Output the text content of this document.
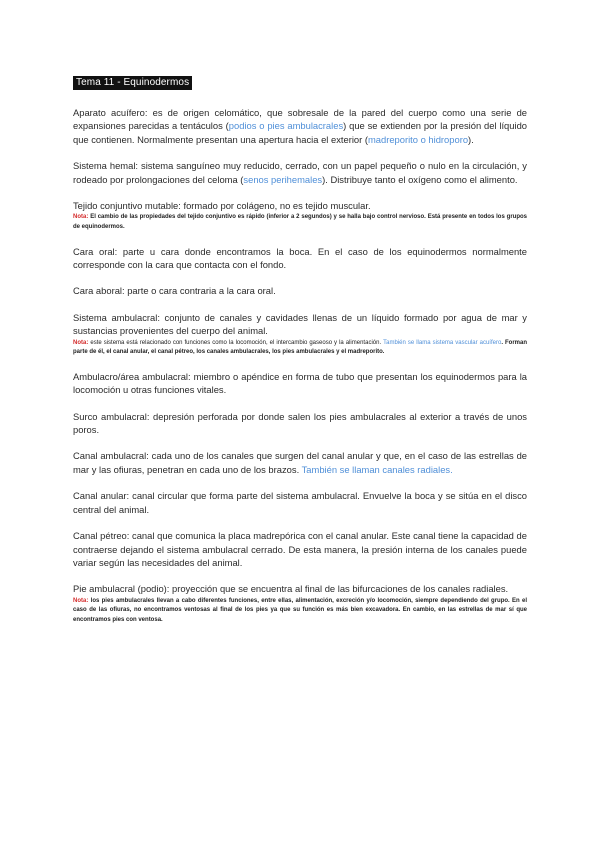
Tema 11 - Equinodermos

Aparato acuífero: es de origen celomático, que sobresale de la pared del cuerpo como una serie de expansiones parecidas a tentáculos (podios o pies ambulacrales) que se extienden por la presión del líquido que contienen. Normalmente presentan una apertura hacia el exterior (madreporito o hidroporo).

Sistema hemal: sistema sanguíneo muy reducido, cerrado, con un papel pequeño o nulo en la circulación, y rodeado por prolongaciones del celoma (senos perihemales). Distribuye tanto el oxígeno como el alimento.

Tejido conjuntivo mutable: formado por colágeno, no es tejido muscular.

Nota: El cambio de las propiedades del tejido conjuntivo es rápido (inferior a 2 segundos) y se halla bajo control nervioso. Está presente en todos los grupos de equinodermos.

Cara oral: parte u cara donde encontramos la boca. En el caso de los equinodermos normalmente corresponde con la cara que contacta con el fondo.

Cara aboral: parte o cara contraria a la cara oral.

Sistema ambulacral: conjunto de canales y cavidades llenas de un líquido formado por agua de mar y sustancias provenientes del cuerpo del animal.

Nota: este sistema está relacionado con funciones como la locomoción, el intercambio gaseoso y la alimentación. También se llama sistema vascular acuífero. Forman parte de él, el canal anular, el canal pétreo, los canales ambulacrales, los pies ambulacrales y el madreporito.

Ambulacro/área ambulacral: miembro o apéndice en forma de tubo que presentan los equinodermos para la locomoción u otras funciones vitales.

Surco ambulacral: depresión perforada por donde salen los pies ambulacrales al exterior a través de unos poros.

Canal ambulacral: cada uno de los canales que surgen del canal anular y que, en el caso de las estrellas de mar y las ofiuras, penetran en cada uno de los brazos. También se llaman canales radiales.

Canal anular: canal circular que forma parte del sistema ambulacral. Envuelve la boca y se sitúa en el disco central del animal.

Canal pétreo: canal que comunica la placa madrepórica con el canal anular. Este canal tiene la capacidad de contraerse dejando el sistema ambulacral cerrado. De esta manera, la presión interna de los canales puede variar según las necesidades del animal.

Pie ambulacral (podio): proyección que se encuentra al final de las bifurcaciones de los canales radiales.

Nota: los pies ambulacrales llevan a cabo diferentes funciones, entre ellas, alimentación, excreción y/o locomoción, siempre dependiendo del grupo. En el caso de las ofiuras, no encontramos ventosas al final de los pies ya que su función es más bien excavadora. En cambio, en las estrellas de mar sí que encontramos pies con ventosa.
